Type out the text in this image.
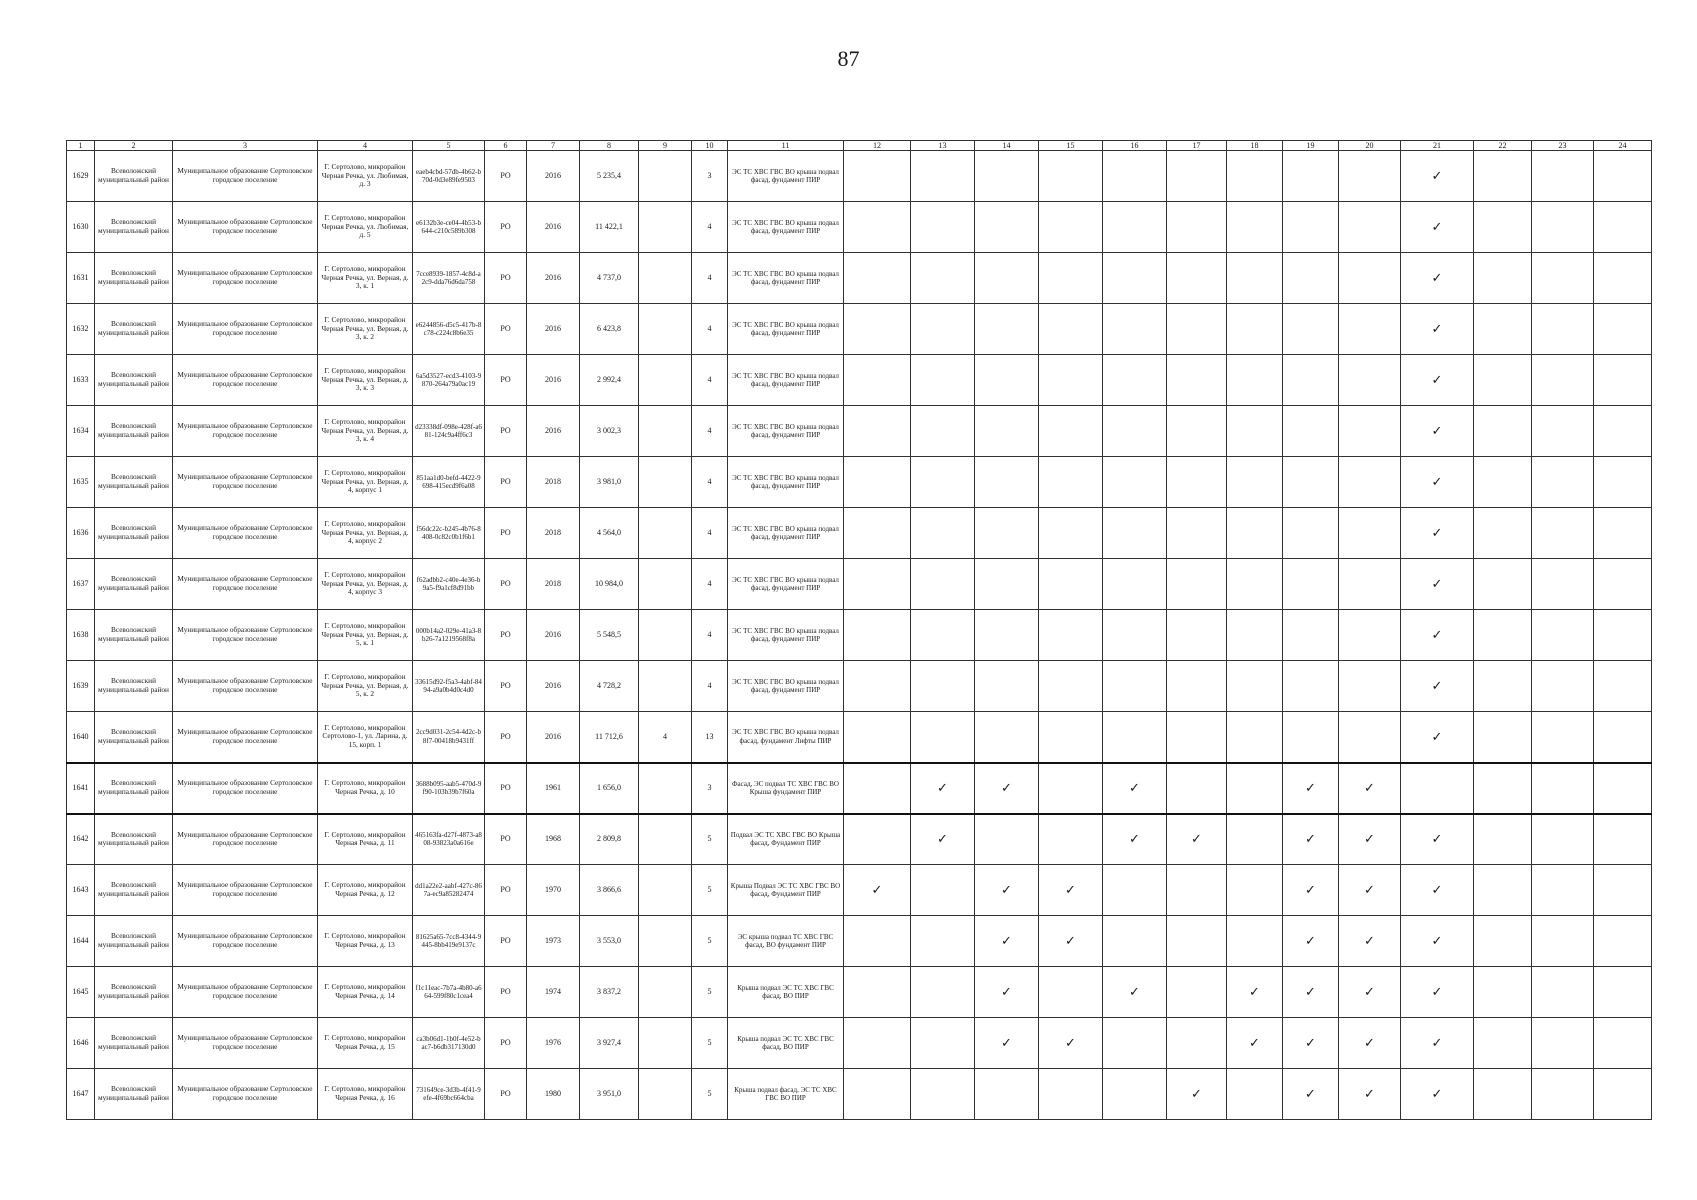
87
1	2	3	4	5	6	7	8	9	10	11	12	13	14	15	16	17	18	19	20	21	22	23	24
1629	Всеволожский муниципальный район	Муниципальное образование Сертоловское городское поселение	Г. Сертолово, микрорайон Черная Речка, ул. Любимая, д. 3	eaeb4cbd-57db-4b62-b70d-0d3e89fe9503	РО	2016	5 235,4		3	ЭС ТС ХВС ГВС ВО крыша подвал фасад, фундамент ПИР										✓			
1630	Всеволожский муниципальный район	Муниципальное образование Сертоловское городское поселение	Г. Сертолово, микрорайон Черная Речка, ул. Любимая, д. 5	e6132b3e-ce04-4b53-b644-c210c589b308	РО	2016	11 422,1		4	ЭС ТС ХВС ГВС ВО крыша подвал фасад, фундамент ПИР										✓			
1631	Всеволожский муниципальный район	Муниципальное образование Сертоловское городское поселение	Г. Сертолово, микрорайон Черная Речка, ул. Верная, д. 3, к. 1	7cce8939-1857-4c8d-a2c9-dda76d6da758	РО	2016	4 737,0		4	ЭС ТС ХВС ГВС ВО крыша подвал фасад, фундамент ПИР										✓			
1632	Всеволожский муниципальный район	Муниципальное образование Сертоловское городское поселение	Г. Сертолово, микрорайон Черная Речка, ул. Верная, д. 3, к. 2	e6244856-d5c5-417b-8c78-c224c8b6e35	РО	2016	6 423,8		4	ЭС ТС ХВС ГВС ВО крыша подвал фасад, фундамент ПИР										✓			
1633	Всеволожский муниципальный район	Муниципальное образование Сертоловское городское поселение	Г. Сертолово, микрорайон Черная Речка, ул. Верная, д. 3, к. 3	6a5d3527-ecd3-4103-9870-264a79a0ac19	РО	2016	2 992,4		4	ЭС ТС ХВС ГВС ВО крыша подвал фасад, фундамент ПИР										✓			
1634	Всеволожский муниципальный район	Муниципальное образование Сертоловское городское поселение	Г. Сертолово, микрорайон Черная Речка, ул. Верная, д. 3, к. 4	d23338df-098e-428f-a681-124c9a4ff6c3	РО	2016	3 002,3		4	ЭС ТС ХВС ГВС ВО крыша подвал фасад, фундамент ПИР										✓			
1635	Всеволожский муниципальный район	Муниципальное образование Сертоловское городское поселение	Г. Сертолово, микрорайон Черная Речка, ул. Верная, д. 4, корпус 1	851aa1d0-befd-4422-9698-415ecd9f6a08	РО	2018	3 981,0		4	ЭС ТС ХВС ГВС ВО крыша подвал фасад, фундамент ПИР										✓			
1636	Всеволожский муниципальный район	Муниципальное образование Сертоловское городское поселение	Г. Сертолово, микрорайон Черная Речка, ул. Верная, д. 4, корпус 2	f56dc22c-b245-4b76-8408-0c82c0b1f6b1	РО	2018	4 564,0		4	ЭС ТС ХВС ГВС ВО крыша подвал фасад, фундамент ПИР										✓			
1637	Всеволожский муниципальный район	Муниципальное образование Сертоловское городское поселение	Г. Сертолово, микрорайон Черная Речка, ул. Верная, д. 4, корпус 3	f62adbb2-c40e-4e36-b9a5-f9a1cf8d91bb	РО	2018	10 984,0		4	ЭС ТС ХВС ГВС ВО крыша подвал фасад, фундамент ПИР										✓			
1638	Всеволожский муниципальный район	Муниципальное образование Сертоловское городское поселение	Г. Сертолово, микрорайон Черная Речка, ул. Верная, д. 5, к. 1	000b14a2-029e-41a3-8b26-7a1219568f8a	РО	2016	5 548,5		4	ЭС ТС ХВС ГВС ВО крыша подвал фасад, фундамент ПИР										✓			
1639	Всеволожский муниципальный район	Муниципальное образование Сертоловское городское поселение	Г. Сертолово, микрорайон Черная Речка, ул. Верная, д. 5, к. 2	33615d92-f5a3-4abf-8494-a9a0b4d0c4d0	РО	2016	4 728,2		4	ЭС ТС ХВС ГВС ВО крыша подвал фасад, фундамент ПИР										✓			
1640	Всеволожский муниципальный район	Муниципальное образование Сертоловское городское поселение	Г. Сертолово, микрорайон Сертолово-1, ул. Ларина, д. 15, корп. 1	2cc9d031-2c54-4d2c-b8f7-00418b9431ff	РО	2016	11 712,6	4	13	ЭС ТС ХВС ГВС ВО крыша подвал фасад, фундамент Лифты ПИР										✓			
1641	Всеволожский муниципальный район	Муниципальное образование Сертоловское городское поселение	Г. Сертолово, микрорайон Черная Речка, д. 10	3688b095-aab5-470d-9f90-103b39b7f60a	РО	1961	1 656,0		3	Фасад, ЭС подвал ТС ХВС ГВС ВО Крыша фундамент ПИР		✓	✓		✓			✓	✓				
1642	Всеволожский муниципальный район	Муниципальное образование Сертоловское городское поселение	Г. Сертолово, микрорайон Черная Речка, д. 11	465163fa-d27f-4873-a808-93823a0a616e	РО	1968	2 809,8		5	Подвал ЭС ТС ХВС ГВС ВО Крыша фасад, Фундамент ПИР		✓			✓	✓		✓	✓	✓			
1643	Всеволожский муниципальный район	Муниципальное образование Сертоловское городское поселение	Г. Сертолово, микрорайон Черная Речка, д. 12	dd1a22e2-aabf-427c-867a-ec9a85282474	РО	1970	3 866,6		5	Крыша Подвал ЭС ТС ХВС ГВС ВО фасад, Фундамент ПИР	✓		✓	✓				✓	✓	✓			
1644	Всеволожский муниципальный район	Муниципальное образование Сертоловское городское поселение	Г. Сертолово, микрорайон Черная Речка, д. 13	81625a65-7cc8-4344-9445-8bb419e9137c	РО	1973	3 553,0		5	ЭС крыша подвал ТС ХВС ГВС фасад, ВО фундамент ПИР			✓	✓				✓	✓	✓			
1645	Всеволожский муниципальный район	Муниципальное образование Сертоловское городское поселение	Г. Сертолово, микрорайон Черная Речка, д. 14	f1c11eac-7b7a-4b80-a664-599f80c1cea4	РО	1974	3 837,2		5	Крыша подвал ЭС ТС ХВС ГВС фасад, ВО ПИР			✓		✓		✓	✓	✓	✓			
1646	Всеволожский муниципальный район	Муниципальное образование Сертоловское городское поселение	Г. Сертолово, микрорайон Черная Речка, д. 15	ca3b06d1-1b0f-4e52-bac7-b6db317130d0	РО	1976	3 927,4		5	Крыша подвал ЭС ТС ХВС ГВС фасад, ВО ПИР			✓	✓			✓	✓	✓	✓			
1647	Всеволожский муниципальный район	Муниципальное образование Сертоловское городское поселение	Г. Сертолово, микрорайон Черная Речка, д. 16	731649ce-3d3b-4f41-9efe-4f69bc664cba	РО	1980	3 951,0		5	Крыша подвал фасад, ЭС ТС ХВС ГВС ВО ПИР						✓		✓	✓	✓			
